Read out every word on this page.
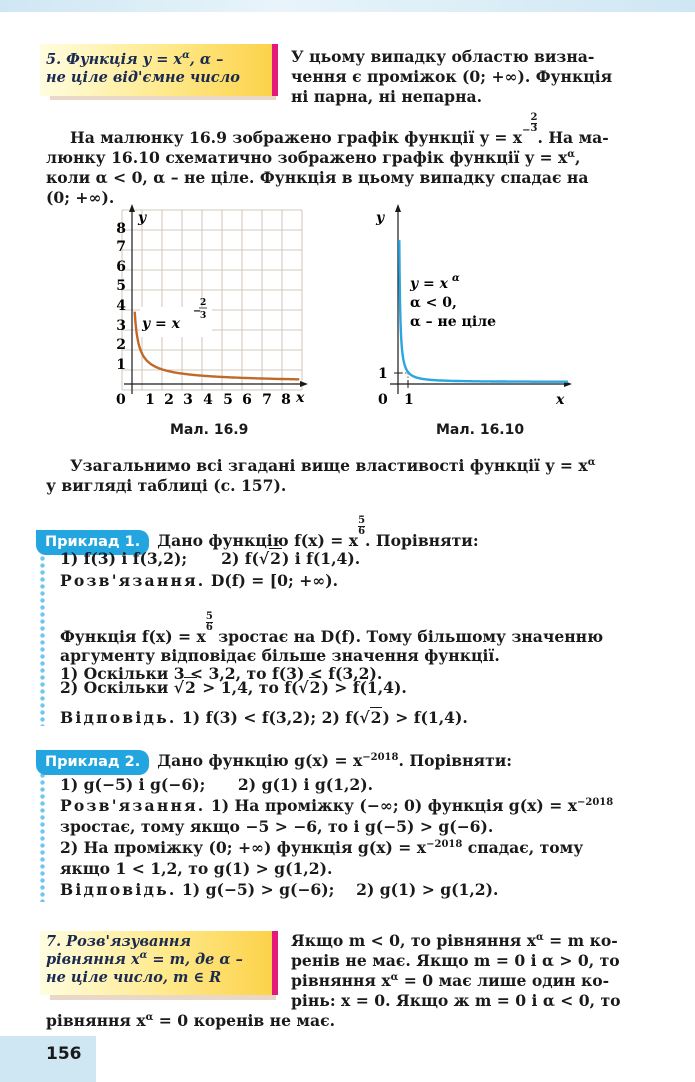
5. Функція $y = x^\alpha$, α –
не ціле від'ємне число

У цьому випадку областю визна-
чення є проміжок (0; +∞). Функція
ні парна, ні непарна.

На малюнку 16.9 зображено графік функції $y = x - \frac{2}{3}$
. На ма-
люнку 16.10 схематично зображено графік функції $y = x^\alpha$,
коли α < 0, α – не ціле. Функція в цьому випадку спадає на
(0; +∞).

y
x
0
1
2
3
4
5
6
7
8
1 2 3 4 5 6 7 8
y = x
−
2
3
Мал. 16.9
y
x
0 1
1
y = x α
α < 0,
α – не ціле
Мал. 16.10

Узагальнимо всі згадані вище властивості функції $y = x^\alpha$
у вигляді таблиці (с. 157).

Приклад 1. Дано функцію f(x) = x
$\frac{5}{6}$
. Порівняти:

1) f(3) і f(3,2); 2) f(√2) і f(1,4).
Розв'язання. D(f) = [0; +∞).

Функція f(x) = x
$\frac{5}{6}$
зростає на D(f). Тому більшому значенню
аргументу відповідає більше значення функції.
1) Оскільки 3 < 3,2, то f(3) < f(3,2).

2) Оскільки √2 > 1,4, то f(√2) > f(1,4).

Відповідь. 1) f(3) < f(3,2); 2) f(√2) > f(1,4).

Приклад 2. Дано функцію $g(x) = x^{-2018}$. Порівняти:

1) g(−5) і g(−6);      2) g(1) і g(1,2).
Розв'язання. 1) На проміжку (−∞; 0) функція $g(x) = x^{-2018}$
зростає, тому якщо −5 > −6, то і g(−5) > g(−6).
2) На проміжку (0; +∞) функція $g(x) = x^{-2018}$ спадає, тому
якщо 1 < 1,2, то g(1) > g(1,2).
Відповідь. 1) g(−5) > g(−6);    2) g(1) > g(1,2).

7. Розв'язування
рівняння $x^\alpha = m$, де α –
не ціле число, m ∈ R

Якщо m < 0, то рівняння $x^\alpha = m$ ко-
ренів не має. Якщо m = 0 і α > 0, то
рівняння $x^\alpha = 0$ має лише один ко-
рінь: x = 0. Якщо ж m = 0 і α < 0, то

рівняння $x^\alpha = 0$ коренів не має.

156
